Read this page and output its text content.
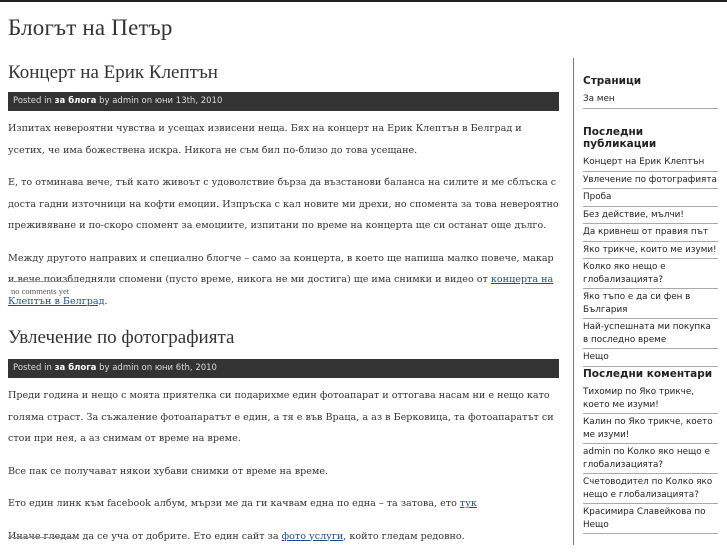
Блогът на Петър
Концерт на Ерик Клептън
Posted in за блога by admin on юни 13th, 2010

Изпитах невероятни чувства и усещах извисени неща. Бях на концерт на Ерик Клептън в Белград и усетих, че има божествена искра. Никога не съм бил по-близо до това усещане.

Е, то отминава вече, тъй като живоът с удоволствие бърза да възстанови баланса на силите и ме сблъска с доста гадни източници на кофти емоции. Изпръска с кал новите ми дрехи, но спомента за това невероятно преживяване и по-скоро спомент за емоциите, изпитани по време на концерта ще си останат още дълго.

Между другото направих и специално блогче – само за концерта, в което ще напиша малко повече, макар и вече поизбледняли спомени (пусто време, никога не ми достига) ще има снимки и видео от концерта на Клептън в Белград.

no comments yet
Увлечение по фотографията
Posted in за блога by admin on юни 6th, 2010

Преди година и нещо с моята приятелка си подарихме един фотоапарат и оттогава насам ни е нещо като голяма страст. За съжаление фотоапаратът е един, а тя е във Враца, а аз в Берковица, та фотоапаратът си стои при нея, а аз снимам от време на време.

Все пак се получават някои хубави снимки от време на време.

Ето един линк към facebook албум, мързи ме да ги качвам една по една – та затова, ето тук

Иначе гледам да се уча от добрите. Ето един сайт за фото услуги, който гледам редовно.

Страници
За мен
Последни публикации
Концерт на Ерик Клептън
Увлечение по фотографията
Проба
Без действие, мълчи!
Да кривнеш от правия път
Яко трикче, които ме изуми!
Колко яко нещо е глобализацията?
Яко тъпо е да си фен в България
Най-успешната ми покупка в последно време
Нещо
Последни коментари
Тихомир по Яко трикче, което ме изуми!
Калин по Яко трикче, което ме изуми!
admin по Колко яко нещо е глобализацията?
Счетоводител по Колко яко нещо е глобализацията?
Красимира Славейкова по Нещо
